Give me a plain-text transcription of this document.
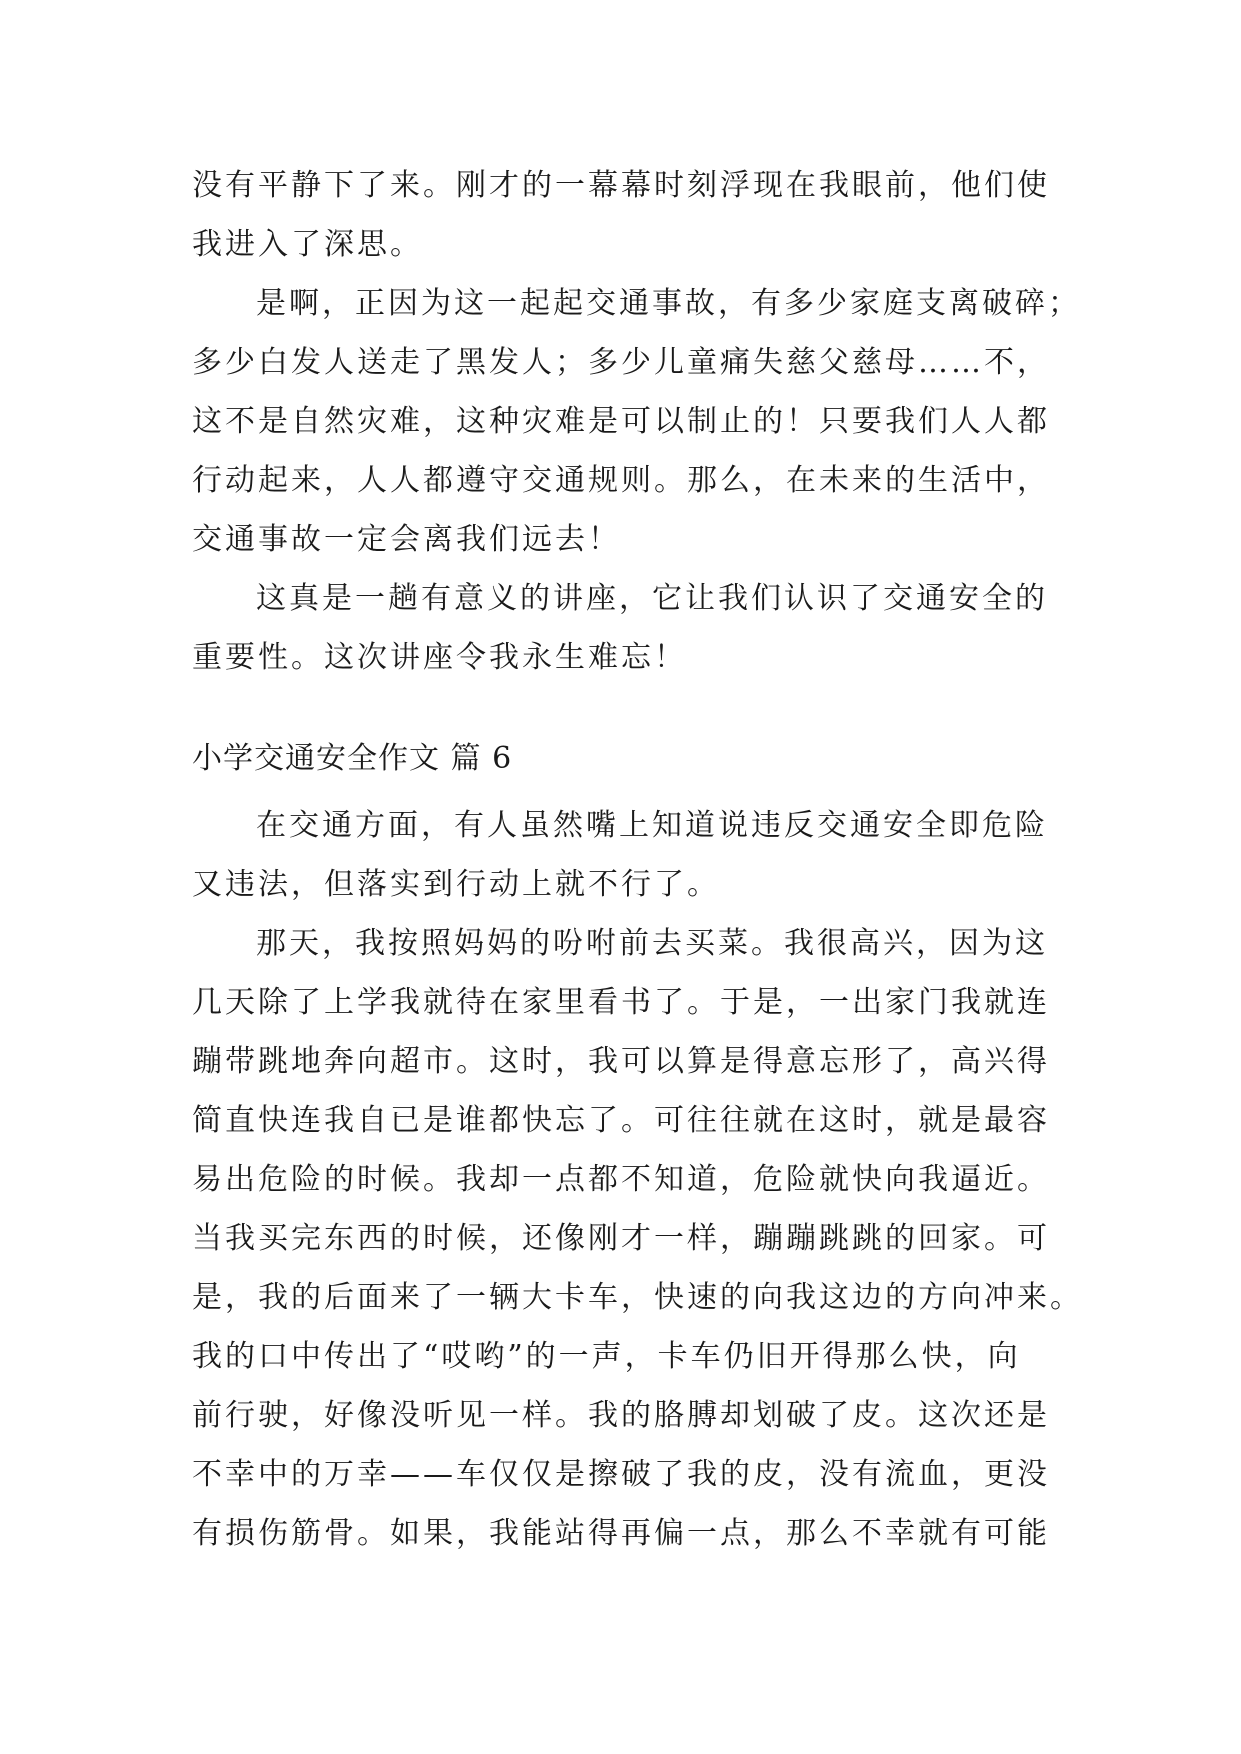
没有平静下了来。刚才的一幕幕时刻浮现在我眼前，他们使
我进入了深思。
是啊，正因为这一起起交通事故，有多少家庭支离破碎；
多少白发人送走了黑发人；多少儿童痛失慈父慈母……不，
这不是自然灾难，这种灾难是可以制止的！只要我们人人都
行动起来，人人都遵守交通规则。那么，在未来的生活中，
交通事故一定会离我们远去！
这真是一趟有意义的讲座，它让我们认识了交通安全的
重要性。这次讲座令我永生难忘！
小学交通安全作文 篇 6
在交通方面，有人虽然嘴上知道说违反交通安全即危险
又违法，但落实到行动上就不行了。
那天，我按照妈妈的吩咐前去买菜。我很高兴，因为这
几天除了上学我就待在家里看书了。于是，一出家门我就连
蹦带跳地奔向超市。这时，我可以算是得意忘形了，高兴得
简直快连我自已是谁都快忘了。可往往就在这时，就是最容
易出危险的时候。我却一点都不知道，危险就快向我逼近。
当我买完东西的时候，还像刚才一样，蹦蹦跳跳的回家。可
是，我的后面来了一辆大卡车，快速的向我这边的方向冲来。
我的口中传出了“哎哟”的一声，卡车仍旧开得那么快，向
前行驶，好像没听见一样。我的胳膊却划破了皮。这次还是
不幸中的万幸——车仅仅是擦破了我的皮，没有流血，更没
有损伤筋骨。如果，我能站得再偏一点，那么不幸就有可能
